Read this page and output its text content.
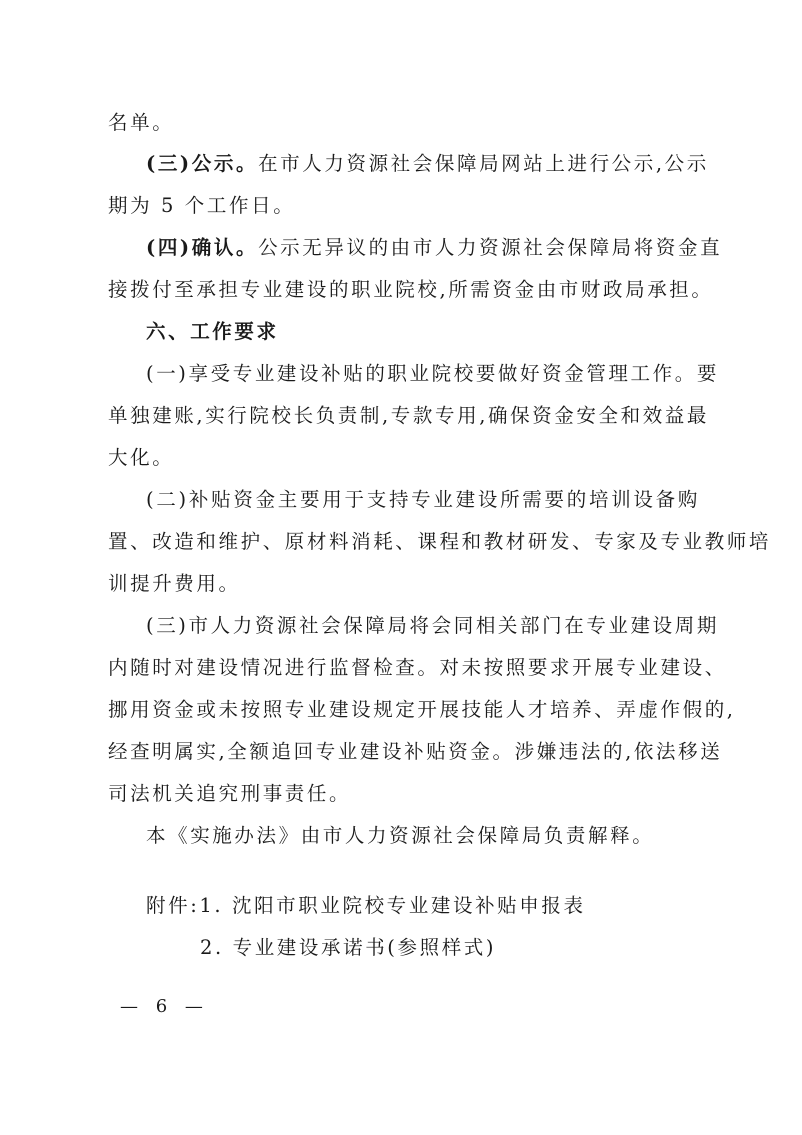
名单。
(三)公示。在市人力资源社会保障局网站上进行公示,公示
期为 5 个工作日。
(四)确认。公示无异议的由市人力资源社会保障局将资金直
接拨付至承担专业建设的职业院校,所需资金由市财政局承担。
六、工作要求
(一)享受专业建设补贴的职业院校要做好资金管理工作。要
单独建账,实行院校长负责制,专款专用,确保资金安全和效益最
大化。
(二)补贴资金主要用于支持专业建设所需要的培训设备购
置、改造和维护、原材料消耗、课程和教材研发、专家及专业教师培
训提升费用。
(三)市人力资源社会保障局将会同相关部门在专业建设周期
内随时对建设情况进行监督检查。对未按照要求开展专业建设、
挪用资金或未按照专业建设规定开展技能人才培养、弄虚作假的,
经查明属实,全额追回专业建设补贴资金。涉嫌违法的,依法移送
司法机关追究刑事责任。
本《实施办法》由市人力资源社会保障局负责解释。
附件:1. 沈阳市职业院校专业建设补贴申报表
2. 专业建设承诺书(参照样式)
— 6 —
